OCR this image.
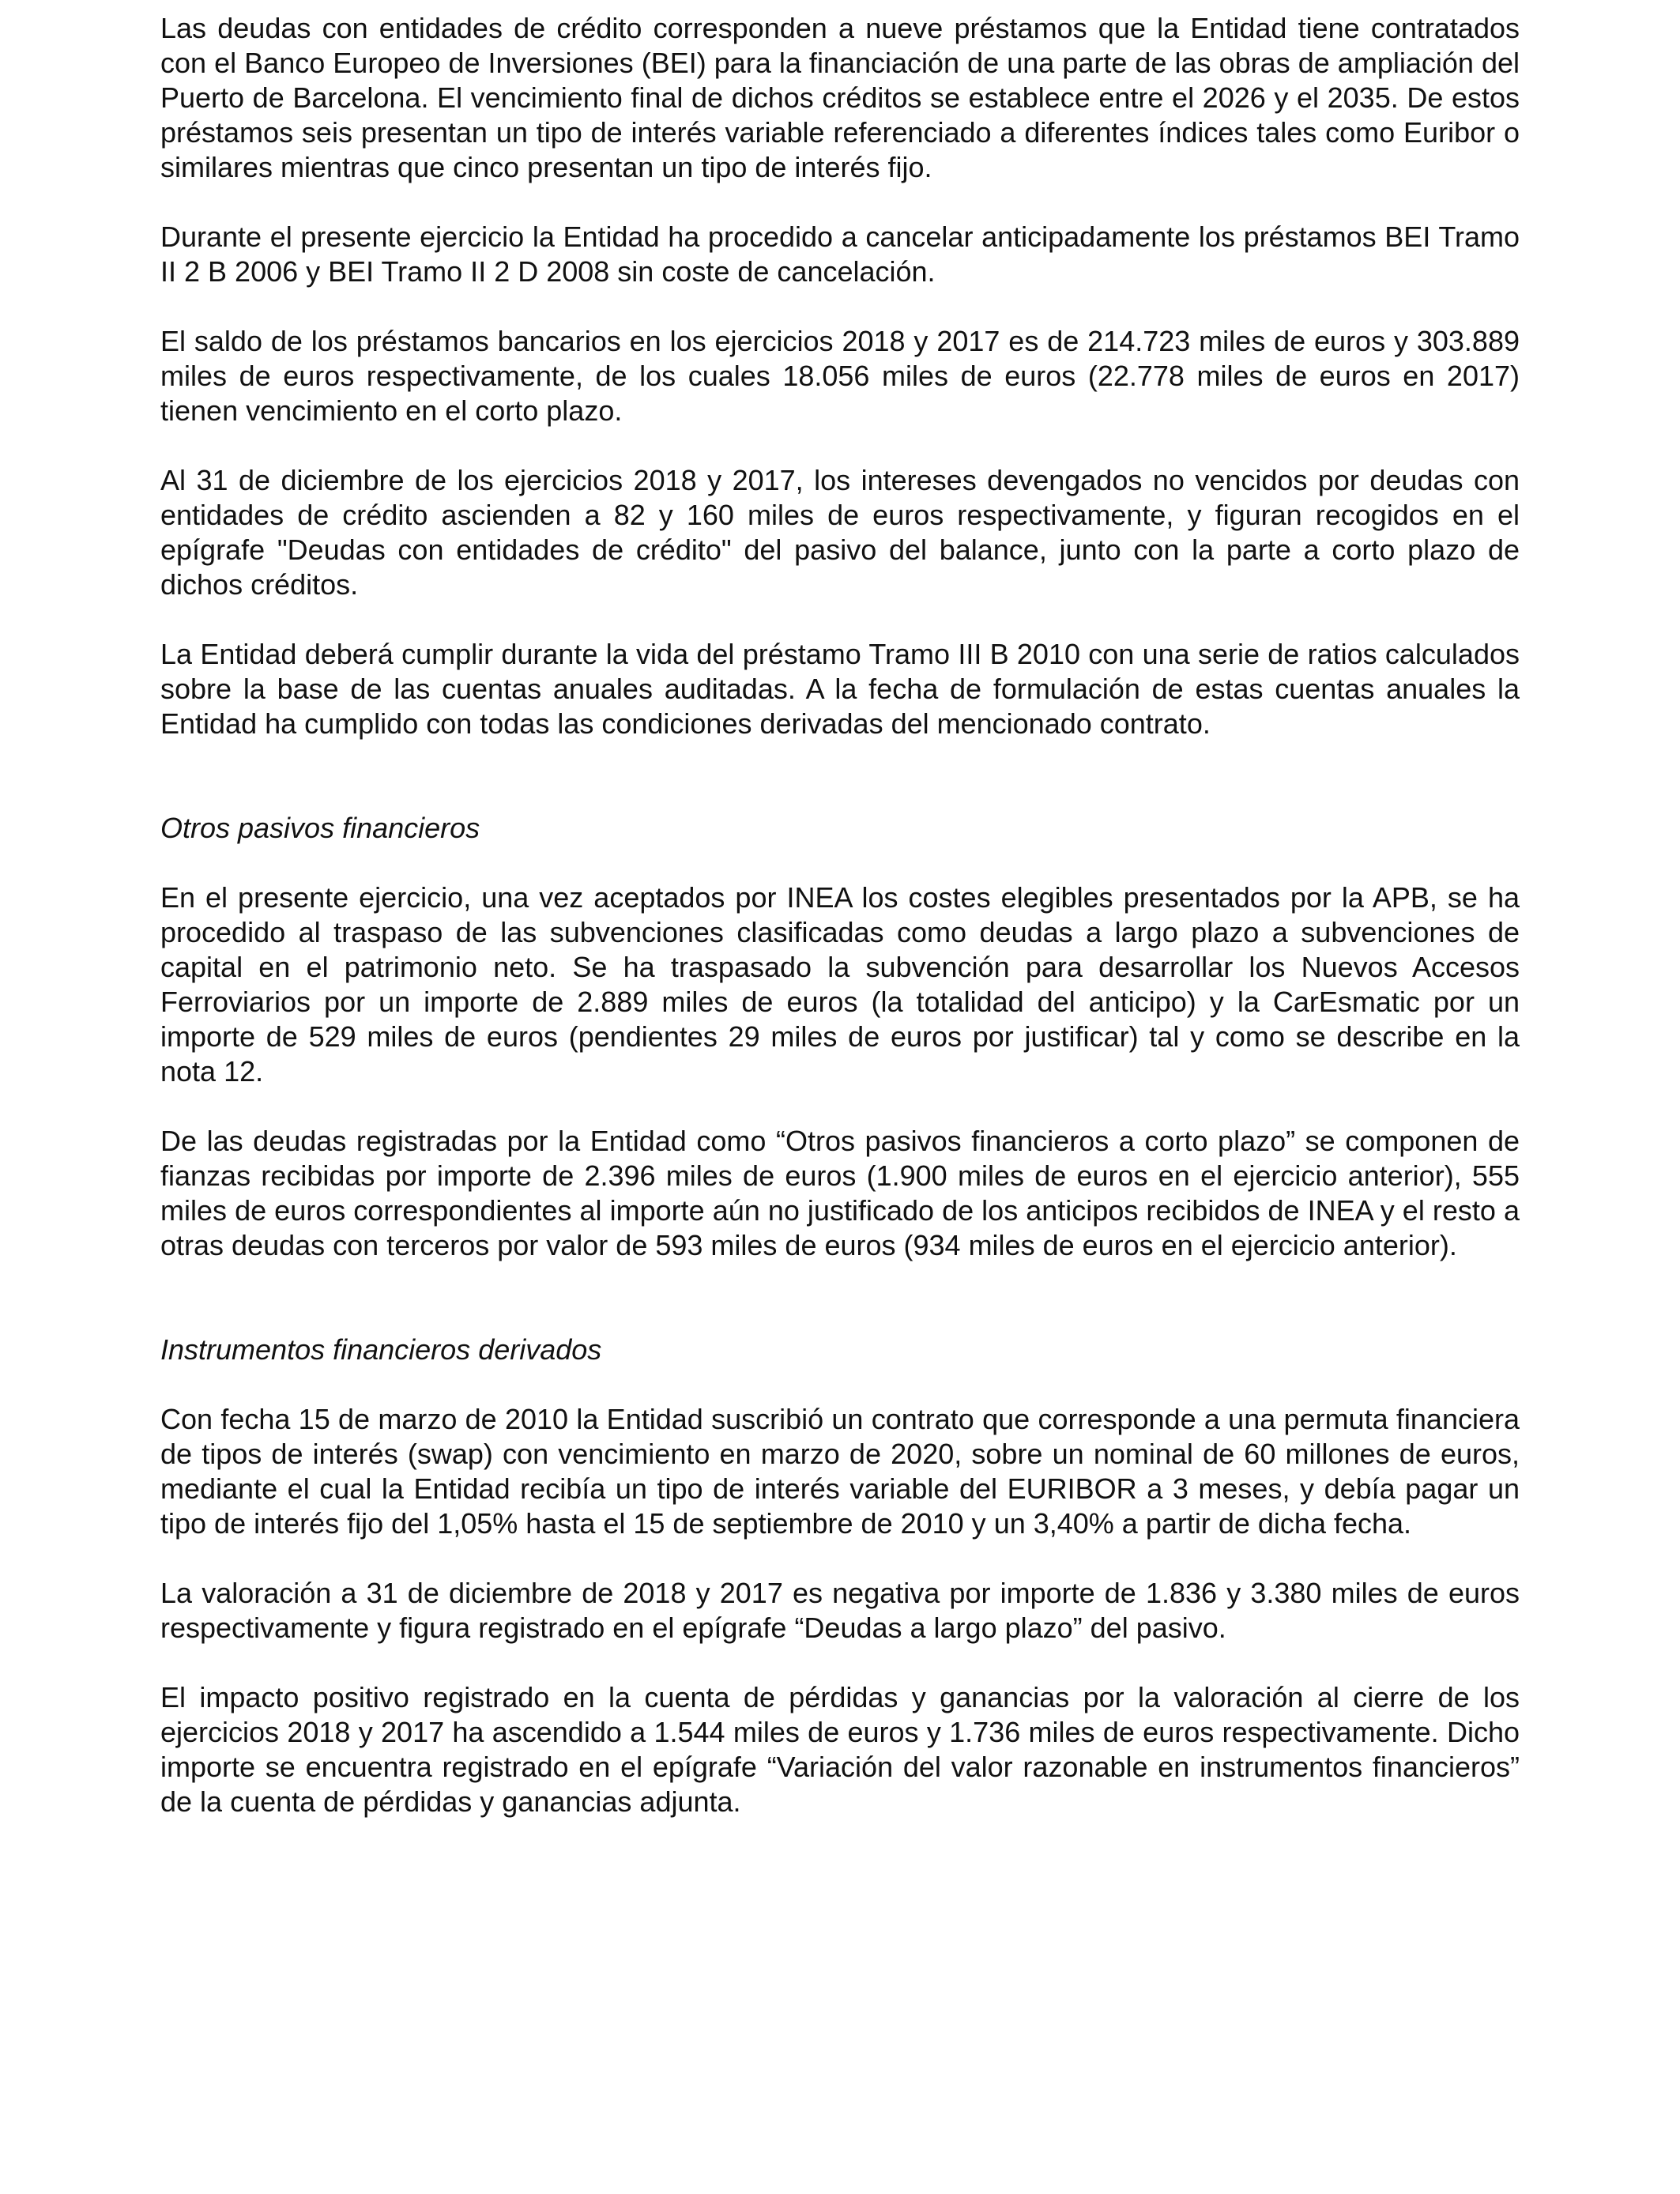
Las deudas con entidades de crédito corresponden a nueve préstamos que la Entidad tiene contratados con el Banco Europeo de Inversiones (BEI) para la financiación de una parte de las obras de ampliación del Puerto de Barcelona. El vencimiento final de dichos créditos se establece entre el 2026 y el 2035. De estos préstamos seis presentan un tipo de interés variable referenciado a diferentes índices tales como Euribor o similares mientras que cinco presentan un tipo de interés fijo.

Durante el presente ejercicio la Entidad ha procedido a cancelar anticipadamente los préstamos BEI Tramo II 2 B 2006 y BEI Tramo II 2 D 2008 sin coste de cancelación.

El saldo de los préstamos bancarios en los ejercicios 2018 y 2017 es de 214.723 miles de euros y 303.889 miles de euros respectivamente, de los cuales 18.056 miles de euros (22.778 miles de euros en 2017) tienen vencimiento en el corto plazo.

Al 31 de diciembre de los ejercicios 2018 y 2017, los intereses devengados no vencidos por deudas con entidades de crédito ascienden a 82 y 160 miles de euros respectivamente, y figuran recogidos en el epígrafe "Deudas con entidades de crédito" del pasivo del balance, junto con la parte a corto plazo de dichos créditos.

La Entidad deberá cumplir durante la vida del préstamo Tramo III B 2010 con una serie de ratios calculados sobre la base de las cuentas anuales auditadas. A la fecha de formulación de estas cuentas anuales la Entidad ha cumplido con todas las condiciones derivadas del mencionado contrato.

Otros pasivos financieros

En el presente ejercicio, una vez aceptados por INEA los costes elegibles presentados por la APB, se ha procedido al traspaso de las subvenciones clasificadas como deudas a largo plazo a subvenciones de capital en el patrimonio neto. Se ha traspasado la subvención para desarrollar los Nuevos Accesos Ferroviarios por un importe de 2.889 miles de euros (la totalidad del anticipo) y la CarEsmatic por un importe de 529 miles de euros (pendientes 29 miles de euros por justificar) tal y como se describe en la nota 12.

De las deudas registradas por la Entidad como “Otros pasivos financieros a corto plazo” se componen de fianzas recibidas por importe de 2.396 miles de euros (1.900 miles de euros en el ejercicio anterior), 555 miles de euros correspondientes al importe aún no justificado de los anticipos recibidos de INEA y el resto a otras deudas con terceros por valor de 593 miles de euros (934 miles de euros en el ejercicio anterior).

Instrumentos financieros derivados

Con fecha 15 de marzo de 2010 la Entidad suscribió un contrato que corresponde a una permuta financiera de tipos de interés (swap) con vencimiento en marzo de 2020, sobre un nominal de 60 millones de euros, mediante el cual la Entidad recibía un tipo de interés variable del EURIBOR a 3 meses, y debía pagar un tipo de interés fijo del 1,05% hasta el 15 de septiembre de 2010 y un 3,40% a partir de dicha fecha.

La valoración a 31 de diciembre de 2018 y 2017 es negativa por importe de 1.836 y 3.380 miles de euros respectivamente y figura registrado en el epígrafe “Deudas a largo plazo” del pasivo.

El impacto positivo registrado en la cuenta de pérdidas y ganancias por la valoración al cierre de los ejercicios 2018 y 2017 ha ascendido a 1.544 miles de euros y 1.736 miles de euros respectivamente. Dicho importe se encuentra registrado en el epígrafe “Variación del valor razonable en instrumentos financieros” de la cuenta de pérdidas y ganancias adjunta.
